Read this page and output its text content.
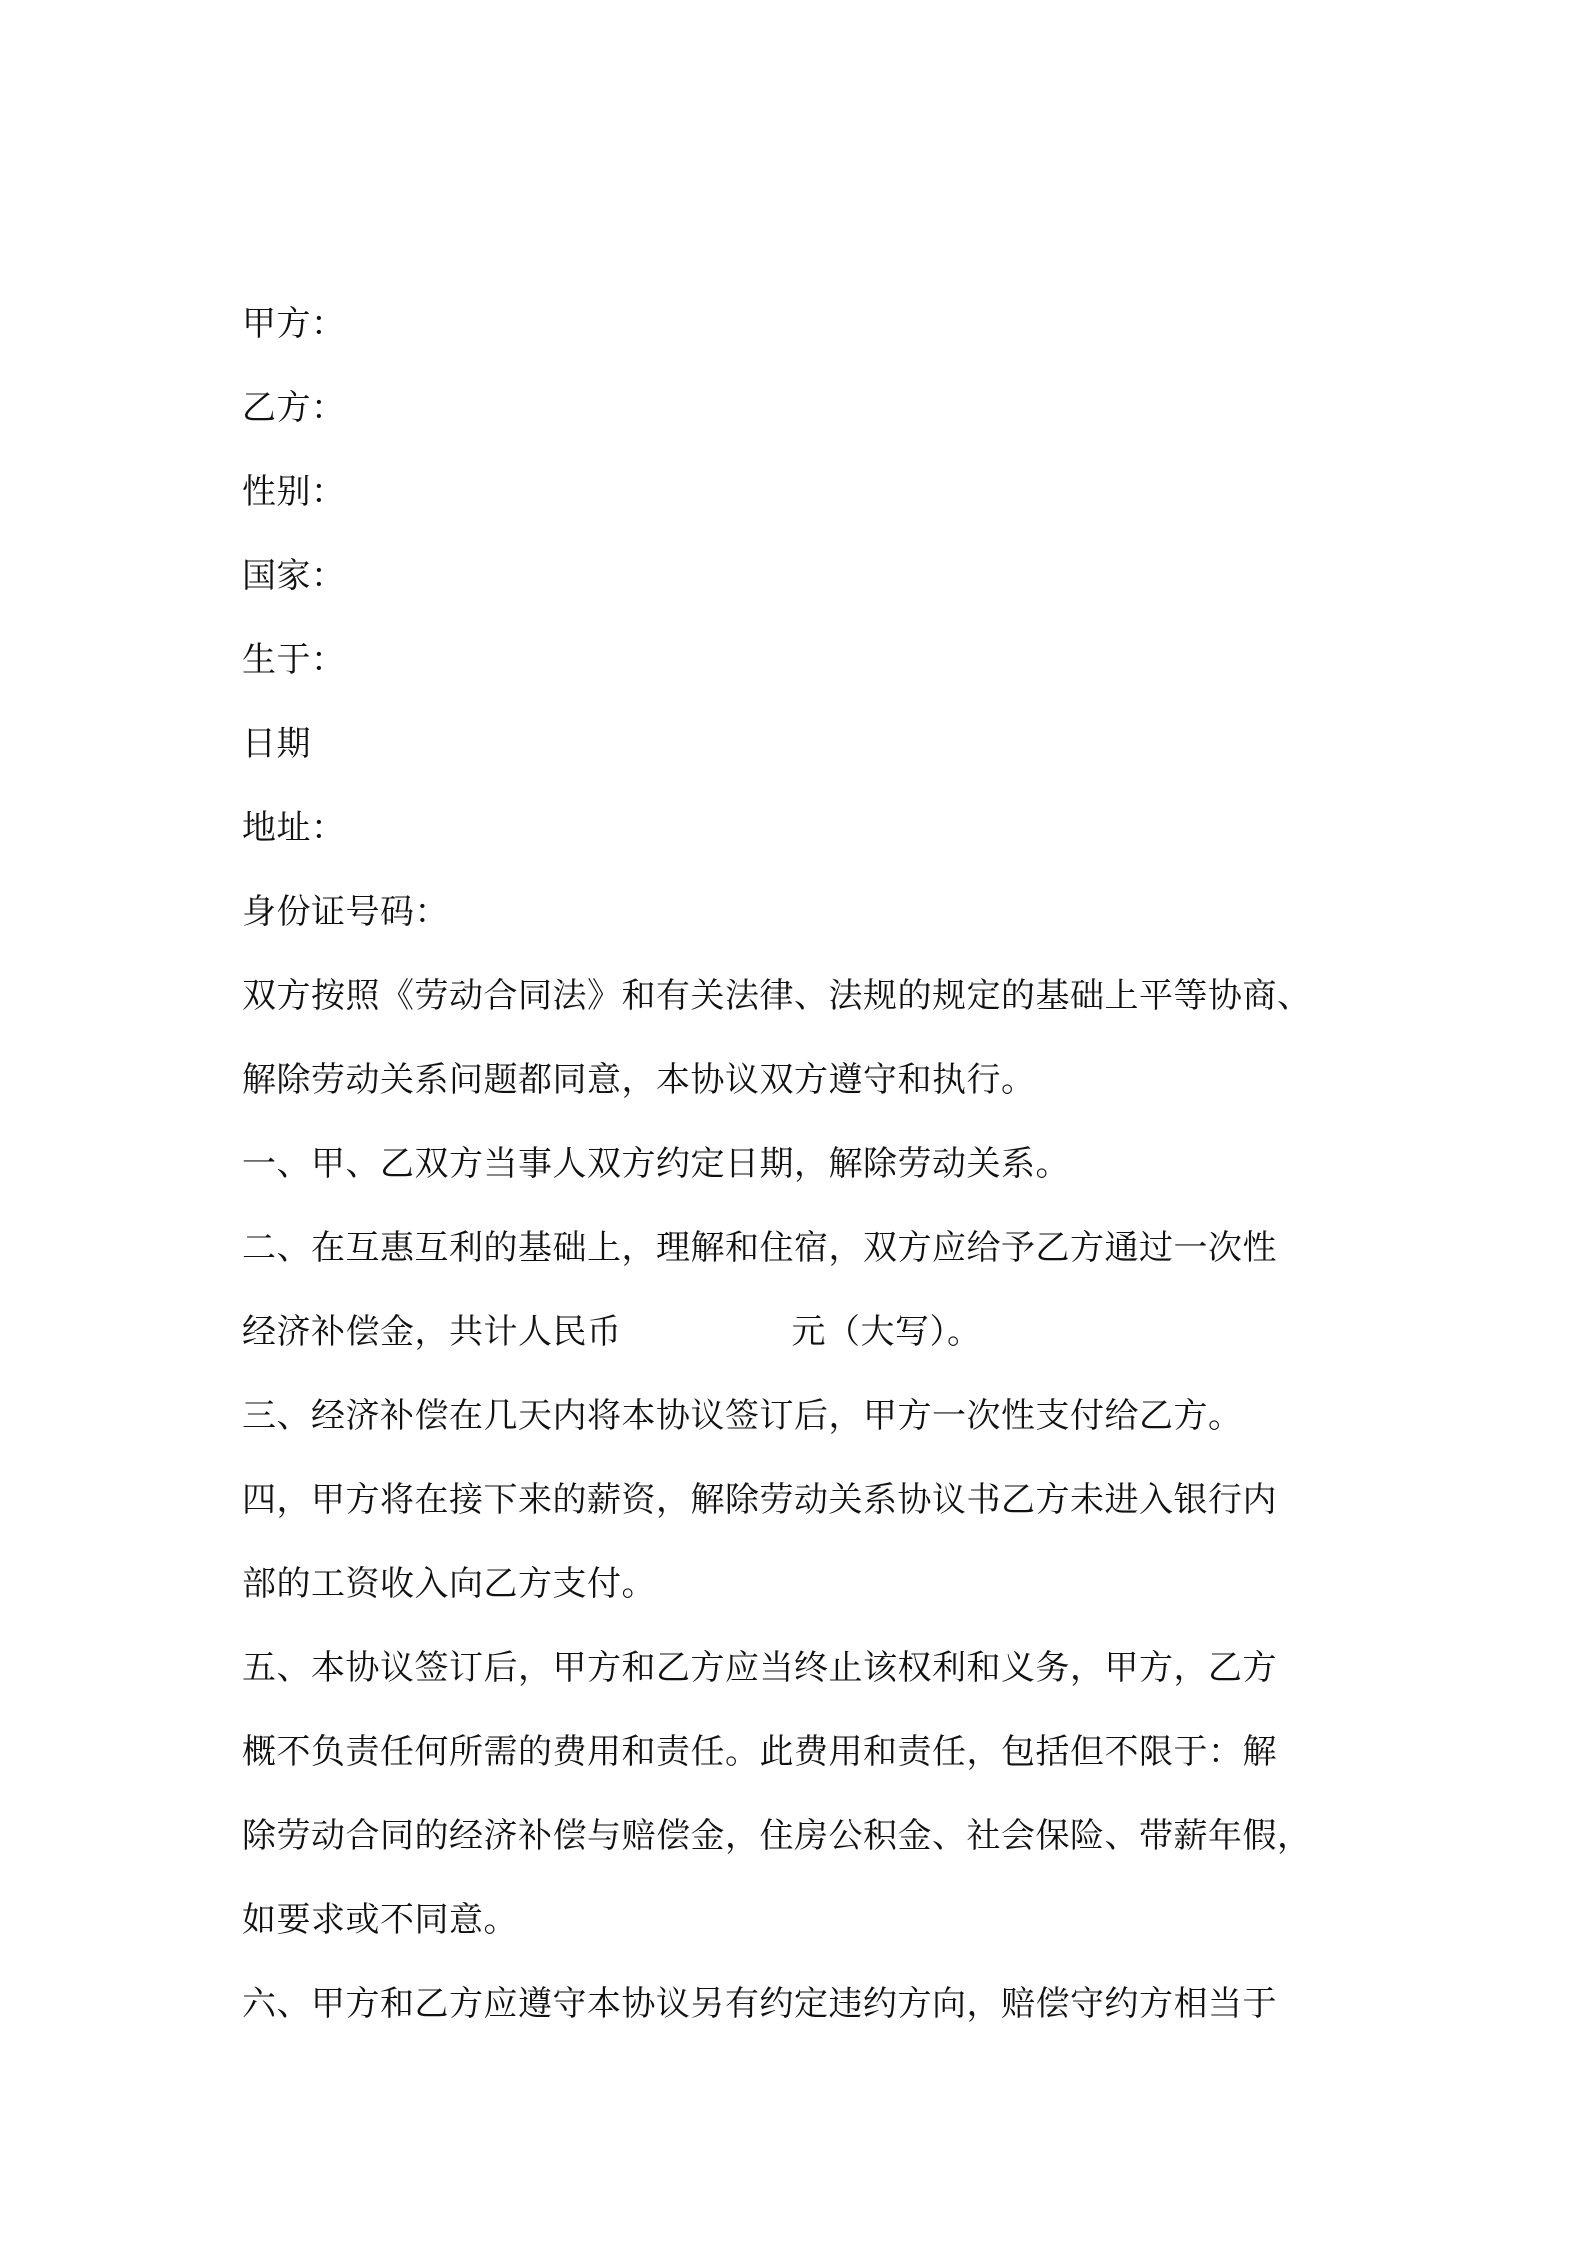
甲方：
乙方：
性别：
国家：
生于：
日期
地址：
身份证号码：
双方按照《劳动合同法》和有关法律、法规的规定的基础上平等协商、
解除劳动关系问题都同意，本协议双方遵守和执行。
一、甲、乙双方当事人双方约定日期，解除劳动关系。
二、在互惠互利的基础上，理解和住宿，双方应给予乙方通过一次性
经济补偿金，共计人民币	元（大写）。
三、经济补偿在几天内将本协议签订后，甲方一次性支付给乙方。
四，甲方将在接下来的薪资，解除劳动关系协议书乙方未进入银行内
部的工资收入向乙方支付。
五、本协议签订后，甲方和乙方应当终止该权利和义务，甲方，乙方
概不负责任何所需的费用和责任。此费用和责任，包括但不限于：解
除劳动合同的经济补偿与赔偿金，住房公积金、社会保险、带薪年假，
如要求或不同意。
六、甲方和乙方应遵守本协议另有约定违约方向，赔偿守约方相当于
